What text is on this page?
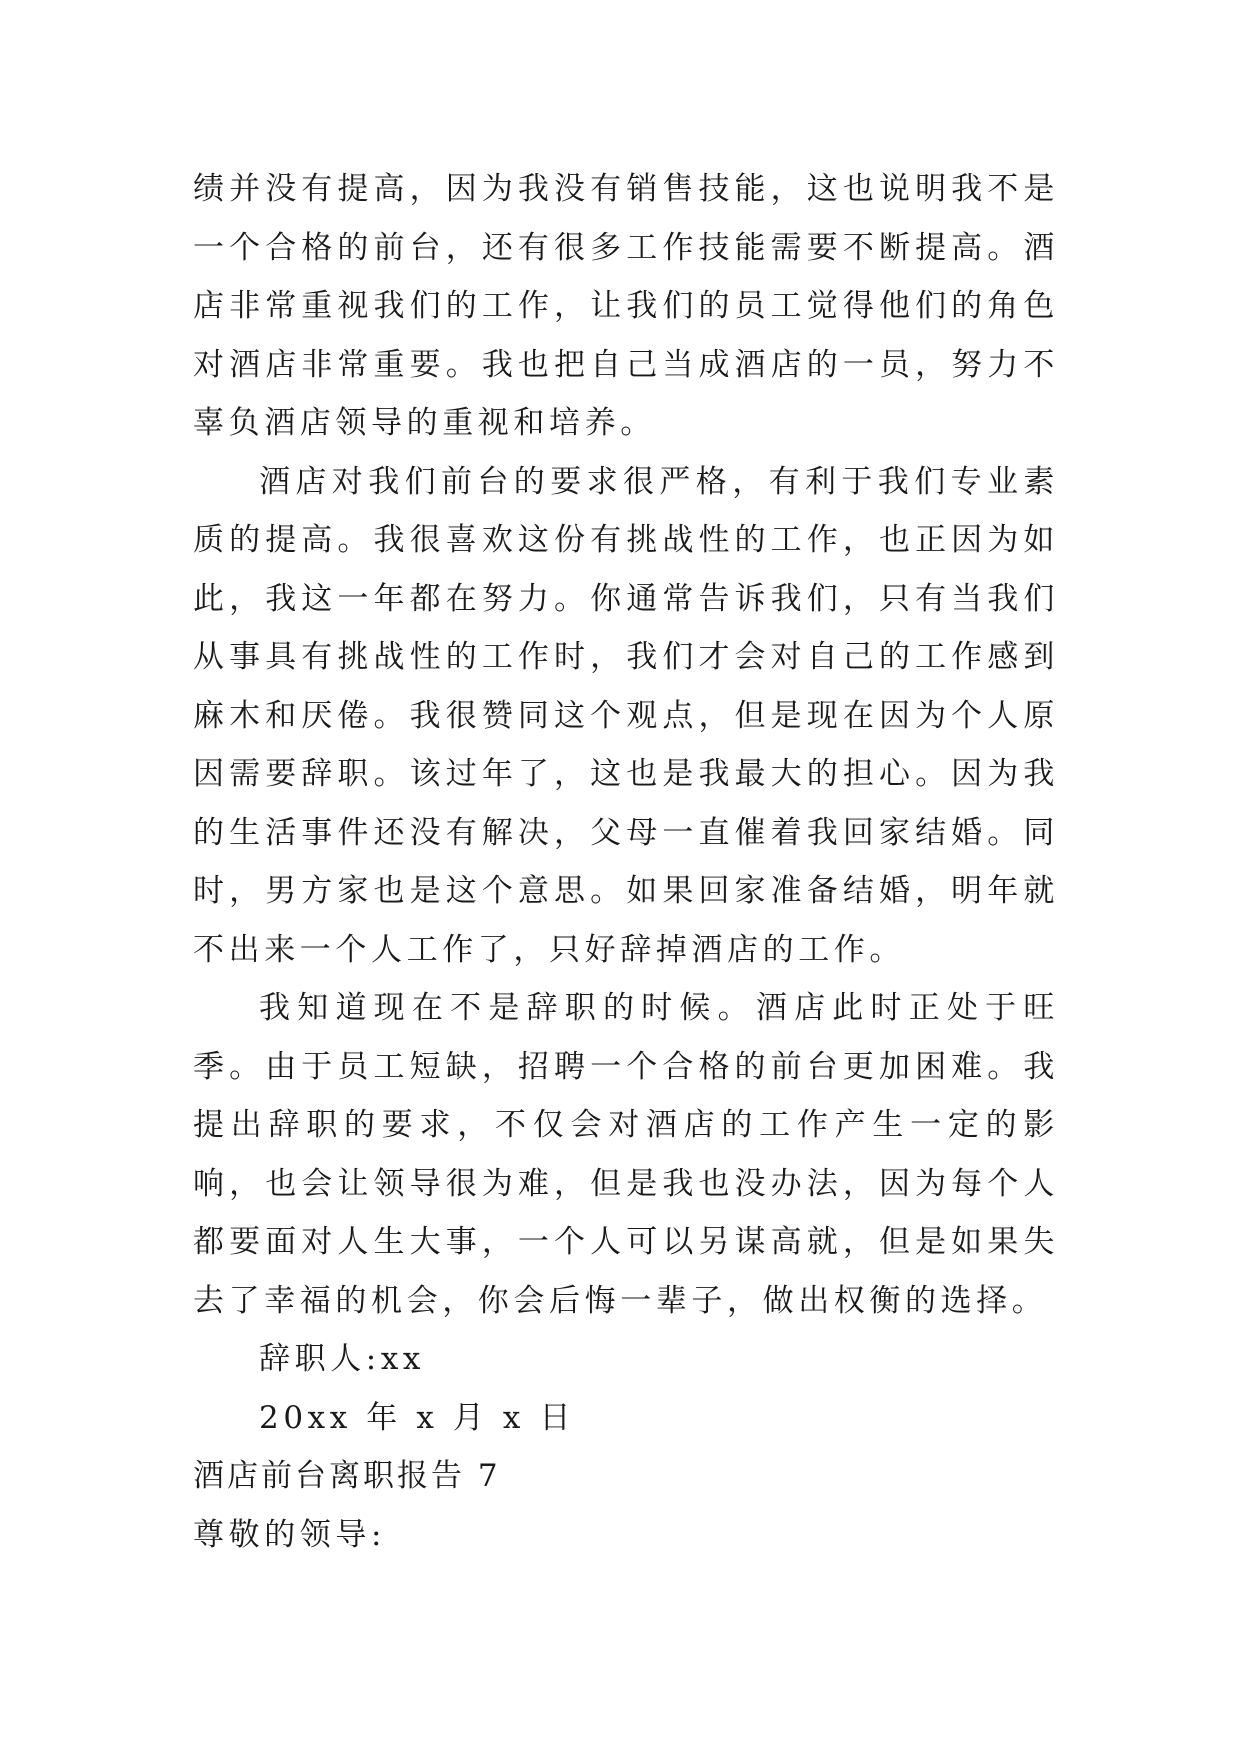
绩并没有提高，因为我没有销售技能，这也说明我不是一个合格的前台，还有很多工作技能需要不断提高。酒店非常重视我们的工作，让我们的员工觉得他们的角色对酒店非常重要。我也把自己当成酒店的一员，努力不辜负酒店领导的重视和培养。

酒店对我们前台的要求很严格，有利于我们专业素质的提高。我很喜欢这份有挑战性的工作，也正因为如此，我这一年都在努力。你通常告诉我们，只有当我们从事具有挑战性的工作时，我们才会对自己的工作感到麻木和厌倦。我很赞同这个观点，但是现在因为个人原因需要辞职。该过年了，这也是我最大的担心。因为我的生活事件还没有解决，父母一直催着我回家结婚。同时，男方家也是这个意思。如果回家准备结婚，明年就不出来一个人工作了，只好辞掉酒店的工作。

我知道现在不是辞职的时候。酒店此时正处于旺季。由于员工短缺，招聘一个合格的前台更加困难。我提出辞职的要求，不仅会对酒店的工作产生一定的影响，也会让领导很为难，但是我也没办法，因为每个人都要面对人生大事，一个人可以另谋高就，但是如果失去了幸福的机会，你会后悔一辈子，做出权衡的选择。

辞职人:xx

20xx 年 x 月 x 日

酒店前台离职报告 7

尊敬的领导:
